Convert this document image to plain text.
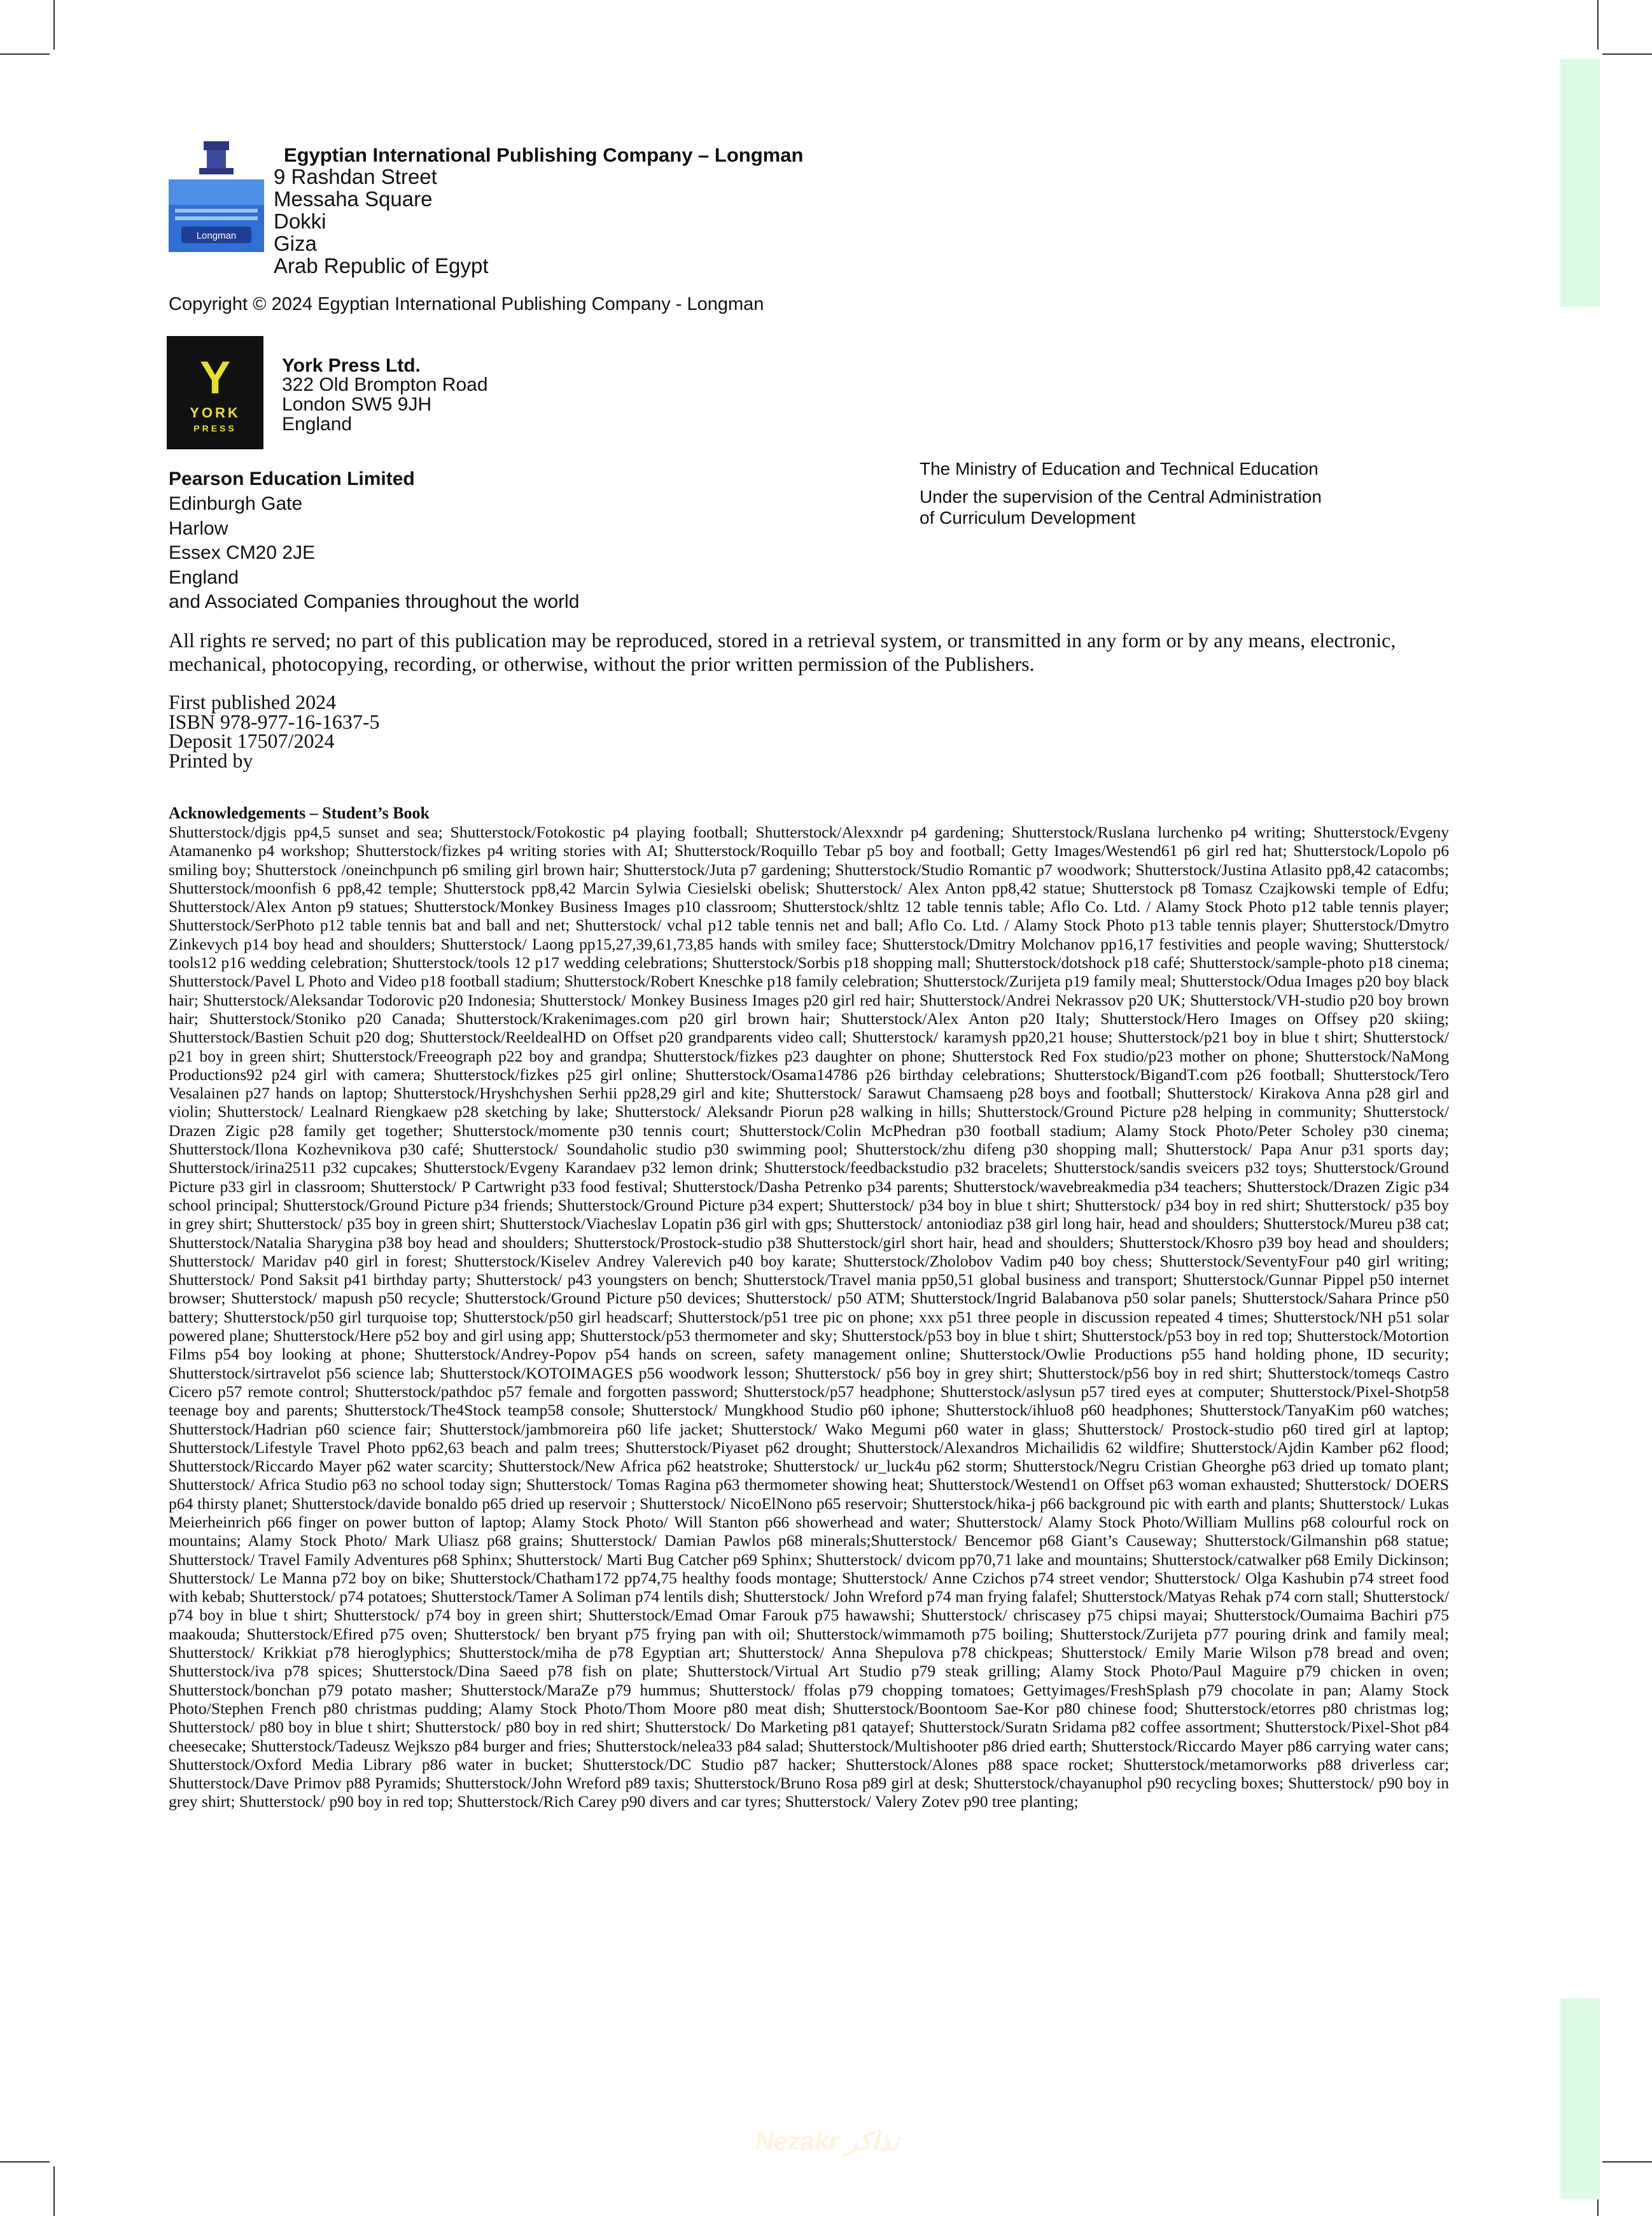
Longman
Egyptian International Publishing Company – Longman
9 Rashdan Street
Messaha Square
Dokki
Giza
Arab Republic of Egypt
Copyright © 2024 Egyptian International Publishing Company - Longman
Y
YORK
PRESS
York Press Ltd.
322 Old Brompton Road
London SW5 9JH
England
Pearson Education Limited
Edinburgh Gate
Harlow
Essex CM20 2JE
England
and Associated Companies throughout the world
The Ministry of Education and Technical Education
Under the supervision of the Central Administration
of Curriculum Development
All rights re served; no part of this publication may be reproduced, stored in a retrieval system, or transmitted in any form or by any means, electronic, mechanical, photocopying, recording, or otherwise, without the prior written permission of the Publishers.
First published 2024
ISBN 978-977-16-1637-5
Deposit 17507/2024
Printed by
Acknowledgements – Student’s Book
Shutterstock/djgis pp4,5 sunset and sea; Shutterstock/Fotokostic p4 playing football; Shutterstock/Alexxndr p4 gardening; Shutterstock/Ruslana lurchenko p4 writing; Shutterstock/Evgeny Atamanenko p4 workshop; Shutterstock/fizkes p4 writing stories with AI; Shutterstock/Roquillo Tebar p5 boy and football; Getty Images/Westend61 p6 girl red hat; Shutterstock/Lopolo p6 smiling boy; Shutterstock /oneinchpunch p6 smiling girl brown hair; Shutterstock/Juta p7 gardening; Shutterstock/Studio Romantic p7 woodwork; Shutterstock/Justina Atlasito pp8,42 catacombs; Shutterstock/moonfish 6 pp8,42 temple; Shutterstock pp8,42 Marcin Sylwia Ciesielski obelisk; Shutterstock/ Alex Anton pp8,42 statue; Shutterstock p8 Tomasz Czajkowski temple of Edfu; Shutterstock/Alex Anton p9 statues; Shutterstock/Monkey Business Images p10 classroom; Shutterstock/shltz 12 table tennis table; Aflo Co. Ltd. / Alamy Stock Photo p12 table tennis player; Shutterstock/SerPhoto p12 table tennis bat and ball and net; Shutterstock/ vchal p12 table tennis net and ball; Aflo Co. Ltd. / Alamy Stock Photo p13 table tennis player; Shutterstock/Dmytro Zinkevych p14 boy head and shoulders; Shutterstock/ Laong pp15,27,39,61,73,85 hands with smiley face; Shutterstock/Dmitry Molchanov pp16,17 festivities and people waving; Shutterstock/ tools12 p16 wedding celebration; Shutterstock/tools 12 p17 wedding celebrations; Shutterstock/Sorbis p18 shopping mall; Shutterstock/dotshock p18 café; Shutterstock/sample-photo p18 cinema; Shutterstock/Pavel L Photo and Video p18 football stadium; Shutterstock/Robert Kneschke p18 family celebration; Shutterstock/Zurijeta p19 family meal; Shutterstock/Odua Images p20 boy black hair; Shutterstock/Aleksandar Todorovic p20 Indonesia; Shutterstock/ Monkey Business Images p20 girl red hair; Shutterstock/Andrei Nekrassov p20 UK; Shutterstock/VH-studio p20 boy brown hair; Shutterstock/Stoniko p20 Canada; Shutterstock/Krakenimages.com p20 girl brown hair; Shutterstock/Alex Anton p20 Italy; Shutterstock/Hero Images on Offsey p20 skiing; Shutterstock/Bastien Schuit p20 dog; Shutterstock/ReeldealHD on Offset p20 grandparents video call; Shutterstock/ karamysh pp20,21 house; Shutterstock/p21 boy in blue t shirt; Shutterstock/ p21 boy in green shirt; Shutterstock/Freeograph p22 boy and grandpa; Shutterstock/fizkes p23 daughter on phone; Shutterstock Red Fox studio/p23 mother on phone; Shutterstock/NaMong Productions92 p24 girl with camera; Shutterstock/fizkes p25 girl online; Shutterstock/Osama14786 p26 birthday celebrations; Shutterstock/BigandT.com p26 football; Shutterstock/Tero Vesalainen p27 hands on laptop; Shutterstock/Hryshchyshen Serhii pp28,29 girl and kite; Shutterstock/ Sarawut Chamsaeng p28 boys and football; Shutterstock/ Kirakova Anna p28 girl and violin; Shutterstock/ Lealnard Riengkaew p28 sketching by lake; Shutterstock/ Aleksandr Piorun p28 walking in hills; Shutterstock/Ground Picture p28 helping in community; Shutterstock/ Drazen Zigic p28 family get together; Shutterstock/momente p30 tennis court; Shutterstock/Colin McPhedran p30 football stadium; Alamy Stock Photo/Peter Scholey p30 cinema; Shutterstock/Ilona Kozhevnikova p30 café; Shutterstock/ Soundaholic studio p30 swimming pool; Shutterstock/zhu difeng p30 shopping mall; Shutterstock/ Papa Anur p31 sports day; Shutterstock/irina2511 p32 cupcakes; Shutterstock/Evgeny Karandaev p32 lemon drink; Shutterstock/feedbackstudio p32 bracelets; Shutterstock/sandis sveicers p32 toys; Shutterstock/Ground Picture p33 girl in classroom; Shutterstock/ P Cartwright p33 food festival; Shutterstock/Dasha Petrenko p34 parents; Shutterstock/wavebreakmedia p34 teachers; Shutterstock/Drazen Zigic p34 school principal; Shutterstock/Ground Picture p34 friends; Shutterstock/Ground Picture p34 expert; Shutterstock/ p34 boy in blue t shirt; Shutterstock/ p34 boy in red shirt; Shutterstock/ p35 boy in grey shirt; Shutterstock/ p35 boy in green shirt; Shutterstock/Viacheslav Lopatin p36 girl with gps; Shutterstock/ antoniodiaz p38 girl long hair, head and shoulders; Shutterstock/Mureu p38 cat; Shutterstock/Natalia Sharygina p38 boy head and shoulders; Shutterstock/Prostock-studio p38 Shutterstock/girl short hair, head and shoulders; Shutterstock/Khosro p39 boy head and shoulders; Shutterstock/ Maridav p40 girl in forest; Shutterstock/Kiselev Andrey Valerevich p40 boy karate; Shutterstock/Zholobov Vadim p40 boy chess; Shutterstock/SeventyFour p40 girl writing; Shutterstock/ Pond Saksit p41 birthday party; Shutterstock/ p43 youngsters on bench; Shutterstock/Travel mania pp50,51 global business and transport; Shutterstock/Gunnar Pippel p50 internet browser; Shutterstock/ mapush p50 recycle; Shutterstock/Ground Picture p50 devices; Shutterstock/ p50 ATM; Shutterstock/Ingrid Balabanova p50 solar panels; Shutterstock/Sahara Prince p50 battery; Shutterstock/p50 girl turquoise top; Shutterstock/p50 girl headscarf; Shutterstock/p51 tree pic on phone; xxx p51 three people in discussion repeated 4 times; Shutterstock/NH p51 solar powered plane; Shutterstock/Here p52 boy and girl using app; Shutterstock/p53 thermometer and sky; Shutterstock/p53 boy in blue t shirt; Shutterstock/p53 boy in red top; Shutterstock/Motortion Films p54 boy looking at phone; Shutterstock/Andrey-Popov p54 hands on screen, safety management online; Shutterstock/Owlie Productions p55 hand holding phone, ID security; Shutterstock/sirtravelot p56 science lab; Shutterstock/KOTOIMAGES p56 woodwork lesson; Shutterstock/ p56 boy in grey shirt; Shutterstock/p56 boy in red shirt; Shutterstock/tomeqs Castro Cicero p57 remote control; Shutterstock/pathdoc p57 female and forgotten password; Shutterstock/p57 headphone; Shutterstock/aslysun p57 tired eyes at computer; Shutterstock/Pixel-Shotp58 teenage boy and parents; Shutterstock/The4Stock teamp58 console; Shutterstock/ Mungkhood Studio p60 iphone; Shutterstock/ihluo8 p60 headphones; Shutterstock/TanyaKim p60 watches; Shutterstock/Hadrian p60 science fair; Shutterstock/jambmoreira p60 life jacket; Shutterstock/ Wako Megumi p60 water in glass; Shutterstock/ Prostock-studio p60 tired girl at laptop; Shutterstock/Lifestyle Travel Photo pp62,63 beach and palm trees; Shutterstock/Piyaset p62 drought; Shutterstock/Alexandros Michailidis 62 wildfire; Shutterstock/Ajdin Kamber p62 flood; Shutterstock/Riccardo Mayer p62 water scarcity; Shutterstock/New Africa p62 heatstroke; Shutterstock/ ur_luck4u p62 storm; Shutterstock/Negru Cristian Gheorghe p63 dried up tomato plant; Shutterstock/ Africa Studio p63 no school today sign; Shutterstock/ Tomas Ragina p63 thermometer showing heat; Shutterstock/Westend1 on Offset p63 woman exhausted; Shutterstock/ DOERS p64 thirsty planet; Shutterstock/davide bonaldo p65 dried up reservoir ; Shutterstock/ NicoElNono p65 reservoir; Shutterstock/hika-j p66 background pic with earth and plants; Shutterstock/ Lukas Meierheinrich p66 finger on power button of laptop; Alamy Stock Photo/ Will Stanton p66 showerhead and water; Shutterstock/ Alamy Stock Photo/William Mullins p68 colourful rock on mountains; Alamy Stock Photo/ Mark Uliasz p68 grains; Shutterstock/ Damian Pawlos p68 minerals;Shutterstock/ Bencemor p68 Giant’s Causeway; Shutterstock/Gilmanshin p68 statue; Shutterstock/ Travel Family Adventures p68 Sphinx; Shutterstock/ Marti Bug Catcher p69 Sphinx; Shutterstock/ dvicom pp70,71 lake and mountains; Shutterstock/catwalker p68 Emily Dickinson; Shutterstock/ Le Manna p72 boy on bike; Shutterstock/Chatham172 pp74,75 healthy foods montage; Shutterstock/ Anne Czichos p74 street vendor; Shutterstock/ Olga Kashubin p74 street food with kebab; Shutterstock/ p74 potatoes; Shutterstock/Tamer A Soliman p74 lentils dish; Shutterstock/ John Wreford p74 man frying falafel; Shutterstock/Matyas Rehak p74 corn stall; Shutterstock/ p74 boy in blue t shirt; Shutterstock/ p74 boy in green shirt; Shutterstock/Emad Omar Farouk p75 hawawshi; Shutterstock/ chriscasey p75 chipsi mayai; Shutterstock/Oumaima Bachiri p75 maakouda; Shutterstock/Efired p75 oven; Shutterstock/ ben bryant p75 frying pan with oil; Shutterstock/wimmamoth p75 boiling; Shutterstock/Zurijeta p77 pouring drink and family meal; Shutterstock/ Krikkiat p78 hieroglyphics; Shutterstock/miha de p78 Egyptian art; Shutterstock/ Anna Shepulova p78 chickpeas; Shutterstock/ Emily Marie Wilson p78 bread and oven; Shutterstock/iva p78 spices; Shutterstock/Dina Saeed p78 fish on plate; Shutterstock/Virtual Art Studio p79 steak grilling; Alamy Stock Photo/Paul Maguire p79 chicken in oven; Shutterstock/bonchan p79 potato masher; Shutterstock/MaraZe p79 hummus; Shutterstock/ ffolas p79 chopping tomatoes; Gettyimages/FreshSplash p79 chocolate in pan; Alamy Stock Photo/Stephen French p80 christmas pudding; Alamy Stock Photo/Thom Moore p80 meat dish; Shutterstock/Boontoom Sae-Kor p80 chinese food; Shutterstock/etorres p80 christmas log; Shutterstock/ p80 boy in blue t shirt; Shutterstock/ p80 boy in red shirt; Shutterstock/ Do Marketing p81 qatayef; Shutterstock/Suratn Sridama p82 coffee assortment; Shutterstock/Pixel-Shot p84 cheesecake; Shutterstock/Tadeusz Wejkszo p84 burger and fries; Shutterstock/nelea33 p84 salad; Shutterstock/Multishooter p86 dried earth; Shutterstock/Riccardo Mayer p86 carrying water cans; Shutterstock/Oxford Media Library p86 water in bucket; Shutterstock/DC Studio p87 hacker; Shutterstock/Alones p88 space rocket; Shutterstock/metamorworks p88 driverless car; Shutterstock/Dave Primov p88 Pyramids; Shutterstock/John Wreford p89 taxis; Shutterstock/Bruno Rosa p89 girl at desk; Shutterstock/chayanuphol p90 recycling boxes; Shutterstock/ p90 boy in grey shirt; Shutterstock/ p90 boy in red top; Shutterstock/Rich Carey p90 divers and car tyres; Shutterstock/ Valery Zotev p90 tree planting;
Nezakr نذاكر
